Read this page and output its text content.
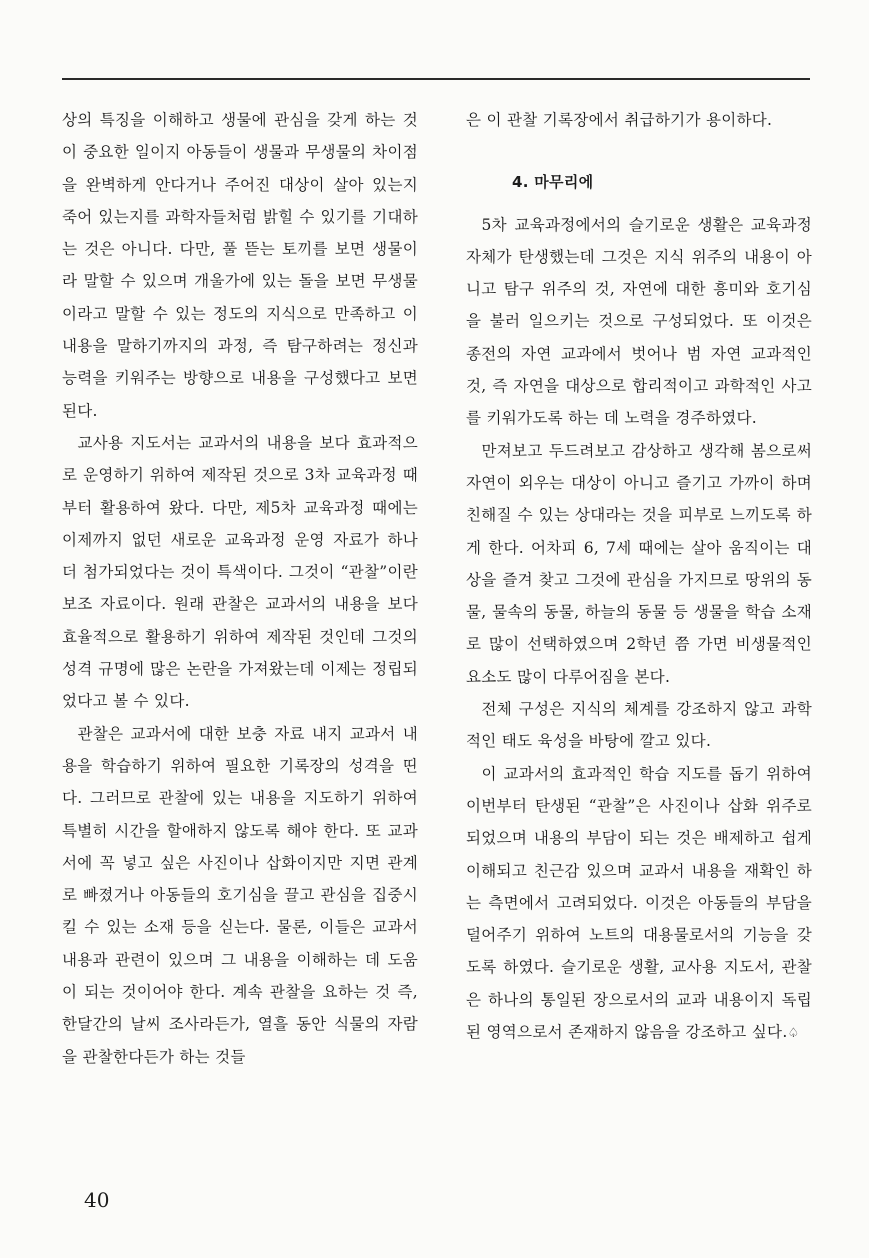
상의 특징을 이해하고 생물에 관심을 갖게 하는 것이 중요한 일이지 아동들이 생물과 무생물의 차이점을 완벽하게 안다거나 주어진 대상이 살아 있는지 죽어 있는지를 과학자들처럼 밝힐 수 있기를 기대하는 것은 아니다. 다만, 풀 뜯는 토끼를 보면 생물이라 말할 수 있으며 개울가에 있는 돌을 보면 무생물이라고 말할 수 있는 정도의 지식으로 만족하고 이 내용을 말하기까지의 과정, 즉 탐구하려는 정신과 능력을 키워주는 방향으로 내용을 구성했다고 보면 된다.

교사용 지도서는 교과서의 내용을 보다 효과적으로 운영하기 위하여 제작된 것으로 3차 교육과정 때부터 활용하여 왔다. 다만, 제5차 교육과정 때에는 이제까지 없던 새로운 교육과정 운영 자료가 하나 더 첨가되었다는 것이 특색이다. 그것이 “관찰”이란 보조 자료이다. 원래 관찰은 교과서의 내용을 보다 효율적으로 활용하기 위하여 제작된 것인데 그것의 성격 규명에 많은 논란을 가져왔는데 이제는 정립되었다고 볼 수 있다.

관찰은 교과서에 대한 보충 자료 내지 교과서 내용을 학습하기 위하여 필요한 기록장의 성격을 띤다. 그러므로 관찰에 있는 내용을 지도하기 위하여 특별히 시간을 할애하지 않도록 해야 한다. 또 교과서에 꼭 넣고 싶은 사진이나 삽화이지만 지면 관계로 빠졌거나 아동들의 호기심을 끌고 관심을 집중시킬 수 있는 소재 등을 싣는다. 물론, 이들은 교과서 내용과 관련이 있으며 그 내용을 이해하는 데 도움이 되는 것이어야 한다. 계속 관찰을 요하는 것 즉, 한달간의 날씨 조사라든가, 열흘 동안 식물의 자람을 관찰한다든가 하는 것들

은 이 관찰 기록장에서 취급하기가 용이하다.

4. 마무리에

5차 교육과정에서의 슬기로운 생활은 교육과정 자체가 탄생했는데 그것은 지식 위주의 내용이 아니고 탐구 위주의 것, 자연에 대한 흥미와 호기심을 불러 일으키는 것으로 구성되었다. 또 이것은 종전의 자연 교과에서 벗어나 범 자연 교과적인 것, 즉 자연을 대상으로 합리적이고 과학적인 사고를 키워가도록 하는 데 노력을 경주하였다.

만져보고 두드려보고 감상하고 생각해 봄으로써 자연이 외우는 대상이 아니고 즐기고 가까이 하며 친해질 수 있는 상대라는 것을 피부로 느끼도록 하게 한다. 어차피 6, 7세 때에는 살아 움직이는 대상을 즐겨 찾고 그것에 관심을 가지므로 땅위의 동물, 물속의 동물, 하늘의 동물 등 생물을 학습 소재로 많이 선택하였으며 2학년 쯤 가면 비생물적인 요소도 많이 다루어짐을 본다.

전체 구성은 지식의 체계를 강조하지 않고 과학적인 태도 육성을 바탕에 깔고 있다.

이 교과서의 효과적인 학습 지도를 돕기 위하여 이번부터 탄생된 “관찰”은 사진이나 삽화 위주로 되었으며 내용의 부담이 되는 것은 배제하고 쉽게 이해되고 친근감 있으며 교과서 내용을 재확인 하는 측면에서 고려되었다. 이것은 아동들의 부담을 덜어주기 위하여 노트의 대용물로서의 기능을 갖도록 하였다. 슬기로운 생활, 교사용 지도서, 관찰은 하나의 통일된 장으로서의 교과 내용이지 독립된 영역으로서 존재하지 않음을 강조하고 싶다.♤

40
